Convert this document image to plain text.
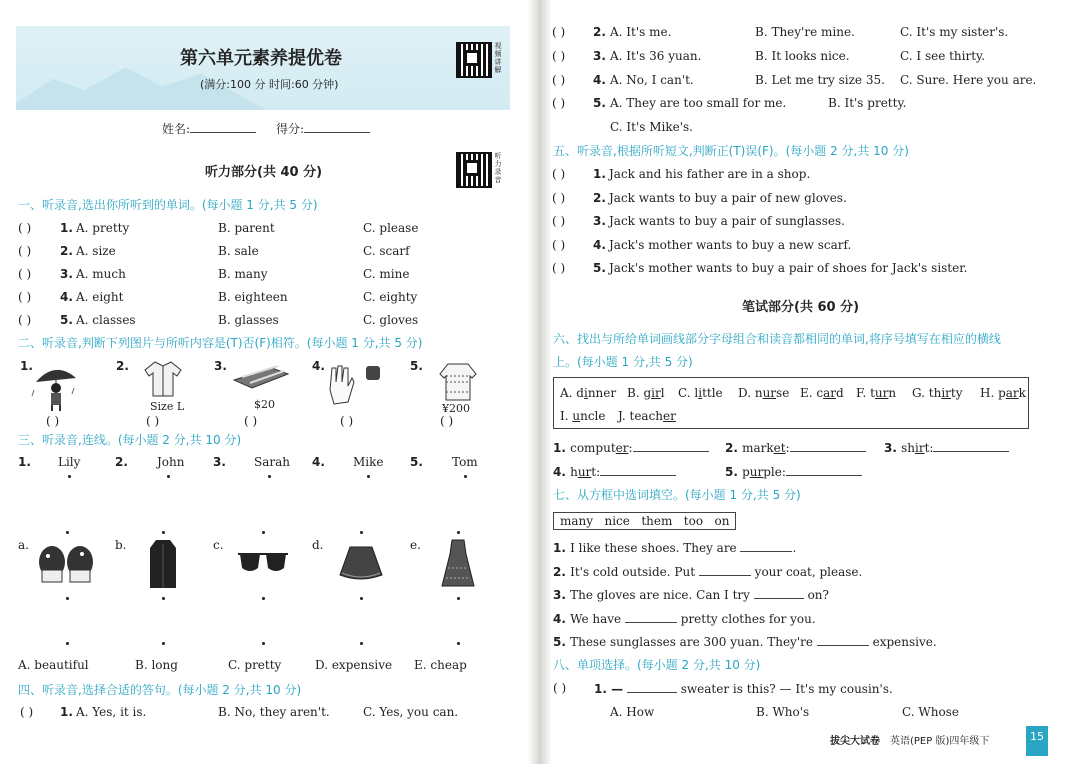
第六单元素养提优卷
(满分:100 分 时间:60 分钟)
视频讲解
姓名:	得分:
听力部分(共 40 分)	听力录音
一、听录音,选出你所听到的单词。(每小题 1 分,共 5 分)
二、听录音,判断下列图片与所听内容是(T)否(F)相符。(每小题 1 分,共 5 分)
1.	2.	3.	4.	5.
Size L	$20	¥200
( )	( )	( )	( )	( )
三、听录音,连线。(每小题 2 分,共 10 分)
四、听录音,选择合适的答句。(每小题 2 分,共 10 分)
( ) 1. A. Yes, it is.	B. No, they aren't.	C. Yes, you can.
( ) 5. A. They are too small for me.	B. It's pretty.
C. It's Mike's.
五、听录音,根据所听短文,判断正(T)误(F)。(每小题 2 分,共 10 分)
笔试部分(共 60 分)
六、找出与所给单词画线部分字母组合和读音都相同的单词,将序号填写在相应的横线
上。(每小题 1 分,共 5 分)
七、从方框中选词填空。(每小题 1 分,共 5 分)
many   nice   them   too   on
八、单项选择。(每小题 2 分,共 10 分)
( ) 1. —	sweater is this? — It's my cousin's.
A. How	B. Who's	C. Whose
拔尖大试卷 英语(PEP 版)四年级下	15
( ) 1. A. pretty	B. parent	C. please
( ) 2. A. size	B. sale	C. scarf
( ) 3. A. much	B. many	C. mine
( ) 4. A. eight	B. eighteen	C. eighty
( ) 5. A. classes	B. glasses	C. gloves
1. Lily	2. John 3. Sarah 4. Mike 5. Tom
a.	b.	c.	d.	e.
A. beautiful	B. long	C. pretty	D. expensive E. cheap
( ) 2. A. It's me.	B. They're mine.	C. It's my sister's.
( ) 3. A. It's 36 yuan.	B. It looks nice.	C. I see thirty.
( ) 4. A. No, I can't.	B. Let me try size 35. C. Sure. Here you are.
( ) 1. Jack and his father are in a shop.
( ) 2. Jack wants to buy a pair of new gloves.
( ) 3. Jack wants to buy a pair of sunglasses.
( ) 4. Jack's mother wants to buy a new scarf.
( ) 5. Jack's mother wants to buy a pair of shoes for Jack's sister.
A. dinner B. girl C. little D. nurse E. card F. turn G. thirty H. park
I. uncle J. teacher
1. computer:	2. market:	3. shirt:
4. hurt:	5. purple:
1. I like these shoes. They are	.
2. It's cold outside. Put	your coat, please.
3. The gloves are nice. Can I try	on?
4. We have	pretty clothes for you.
5. These sunglasses are 300 yuan. They're	expensive.
